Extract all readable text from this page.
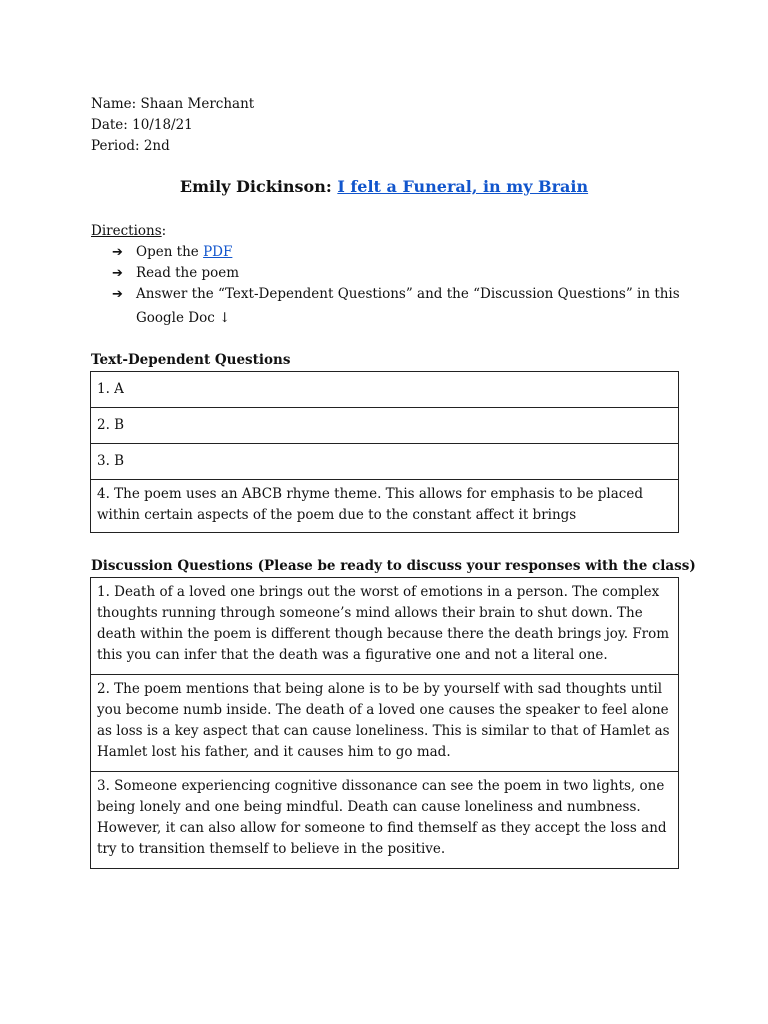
Name: Shaan Merchant
Date: 10/18/21
Period: 2nd
Emily Dickinson: I felt a Funeral, in my Brain
Directions:
➔ Open the PDF
➔ Read the poem
➔ Answer the “Text-Dependent Questions” and the “Discussion Questions” in this
Google Doc ↓
Text-Dependent Questions
1. A
2. B
3. B
4. The poem uses an ABCB rhyme theme. This allows for emphasis to be placed within certain aspects of the poem due to the constant affect it brings
Discussion Questions (Please be ready to discuss your responses with the class)
1. Death of a loved one brings out the worst of emotions in a person. The complex thoughts running through someone’s mind allows their brain to shut down. The death within the poem is different though because there the death brings joy. From this you can infer that the death was a figurative one and not a literal one.
2. The poem mentions that being alone is to be by yourself with sad thoughts until you become numb inside. The death of a loved one causes the speaker to feel alone as loss is a key aspect that can cause loneliness. This is similar to that of Hamlet as Hamlet lost his father, and it causes him to go mad.
3. Someone experiencing cognitive dissonance can see the poem in two lights, one being lonely and one being mindful. Death can cause loneliness and numbness. However, it can also allow for someone to find themself as they accept the loss and try to transition themself to believe in the positive.
